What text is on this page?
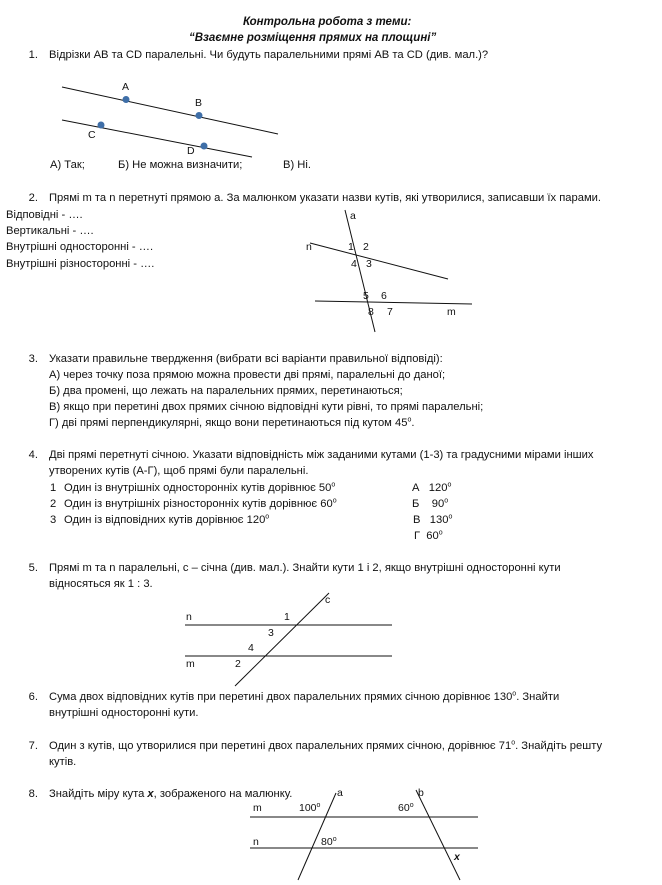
Контрольна робота з теми:
“Взаємне розміщення прямих на площині”
1. Відрізки АВ та CD паралельні. Чи будуть паралельними прямі АВ та CD (див. мал.)?
A
B
C
D
a
n
m
1 2
4 3
5 6
8 7
c
n
m
1
3
4
2
a	b
m
n
$100^о$	$60^о$
$80^о$
x
А) Так;	Б) Не можна визначити;	В) Ні.
2. Прямі m та n перетнуті прямою а. За малюнком указати назви кутів, які утворилися, записавши їх парами.
Відповідні - ….
Вертикальні - ….
Внутрішні односторонні - ….
Внутрішні різносторонні - ….
3. Указати правильне твердження (вибрати всі варіанти правильної відповіді):
А) через точку поза прямою можна провести дві прямі, паралельні до даної;
Б) два промені, що лежать на паралельних прямих, перетинаються;
В) якщо при перетині двох прямих січною відповідні кути рівні, то прямі паралельні;
Г) дві прямі перпендикулярні, якщо вони перетинаються під кутом $45^о$.
4. Дві прямі перетнуті січною. Указати відповідність між заданими кутами (1-3) та градусними мірами інших
утворених кутів (А-Г), щоб прямі були паралельні.
1 Один із внутрішніх односторонніх кутів дорівнює $50^о$
2 Один із внутрішніх різносторонніх кутів дорівнює $60^о$
3 Один із відповідних кутів дорівнює $120^о$
А $120^о$
Б $90^о$
В $130^о$
Г $60^о$
5. Прямі m та n паралельні, с – січна (див. мал.). Знайти кути 1 і 2, якщо внутрішні односторонні кути
відносяться як 1 : 3.
6. Сума двох відповідних кутів при перетині двох паралельних прямих січною дорівнює $130^о$. Знайти
внутрішні односторонні кути.
7. Один з кутів, що утворилися при перетині двох паралельних прямих січною, дорівнює $71^о$. Знайдіть решту
кутів.
8. Знайдіть міру кута x, зображеного на малюнку.
